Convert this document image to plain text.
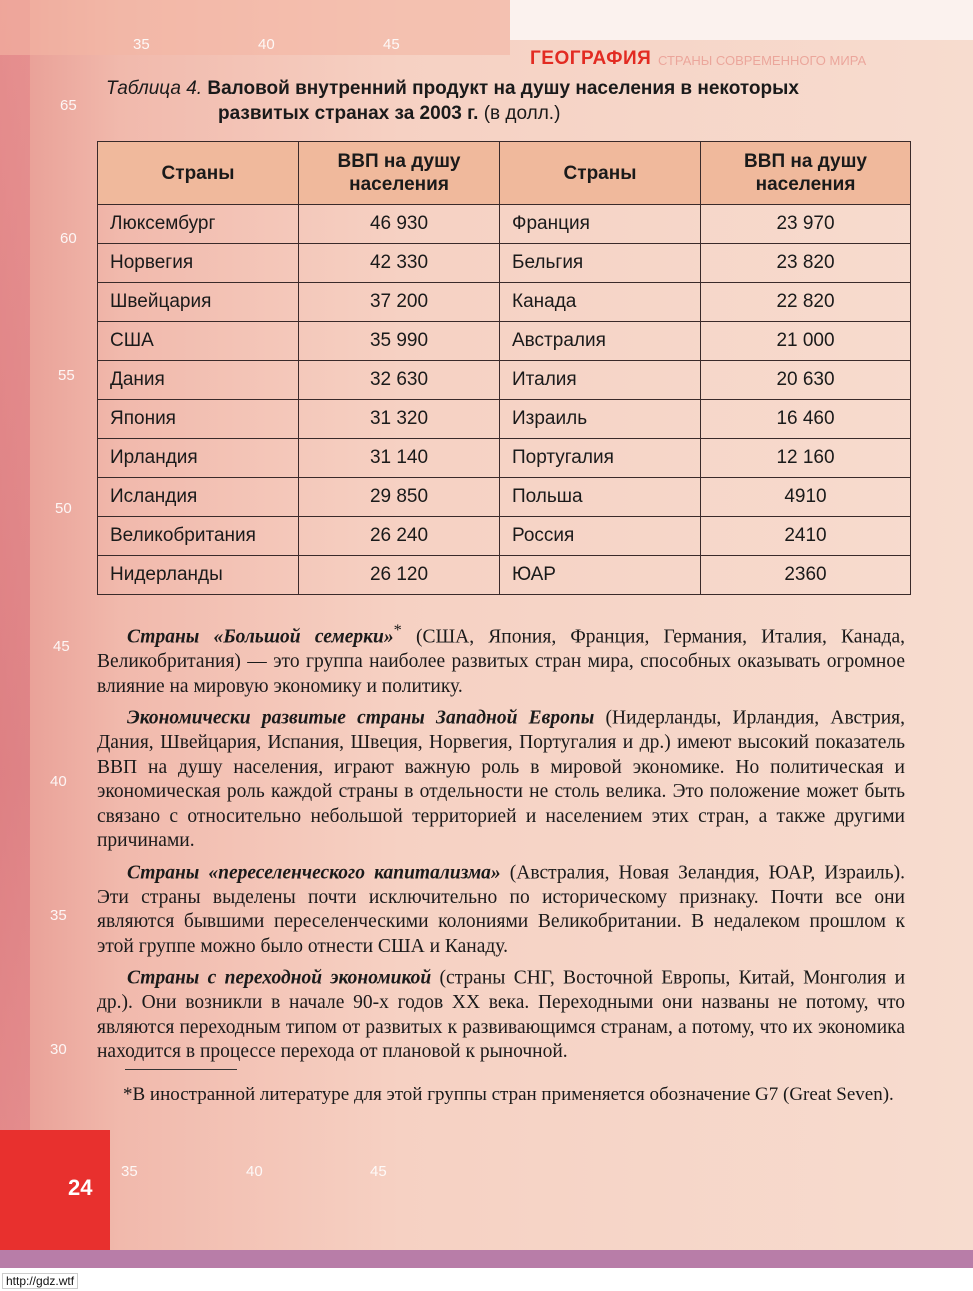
35	40	45
65
60
55
50
45
40
35
30
35	40	45
24
ГЕОГРАФИЯ СТРАНЫ СОВРЕМЕННОГО МИРА
Таблица 4. Валовой внутренний продукт на душу населения в некоторых
развитых странах за 2003 г. (в долл.)
Страны	ВВП на душу населения	Страны	ВВП на душу населения
Люксембург	46 930	Франция	23 970
Норвегия	42 330	Бельгия	23 820
Швейцария	37 200	Канада	22 820
США	35 990	Австралия	21 000
Дания	32 630	Италия	20 630
Япония	31 320	Израиль	16 460
Ирландия	31 140	Португалия	12 160
Исландия	29 850	Польша	4910
Великобритания	26 240	Россия	2410
Нидерланды	26 120	ЮАР	2360

Страны «Большой семерки»* (США, Япония, Франция, Германия, Италия, Канада, Великобритания) — это группа наиболее развитых стран мира, способных оказывать огромное влияние на мировую экономику и политику.

Экономически развитые страны Западной Европы (Нидерланды, Ирландия, Австрия, Дания, Швейцария, Испания, Швеция, Норвегия, Португалия и др.) имеют высокий показатель ВВП на душу населения, играют важную роль в мировой экономике. Но политическая и экономическая роль каждой страны в отдельности не столь велика. Это положение может быть связано с относительно небольшой территорией и населением этих стран, а также другими причинами.

Страны «переселенческого капитализма» (Австралия, Новая Зеландия, ЮАР, Израиль). Эти страны выделены почти исключительно по историческому признаку. Почти все они являются бывшими переселенческими колониями Великобритании. В недалеком прошлом к этой группе можно было отнести США и Канаду.

Страны с переходной экономикой (страны СНГ, Восточной Европы, Китай, Монголия и др.). Они возникли в начале 90-х годов XX века. Переходными они названы не потому, что являются переходным типом от развитых к развивающимся странам, а потому, что их экономика находится в процессе перехода от плановой к рыночной.

*В иностранной литературе для этой группы стран применяется обозначение G7 (Great Seven).
http://gdz.wtf
